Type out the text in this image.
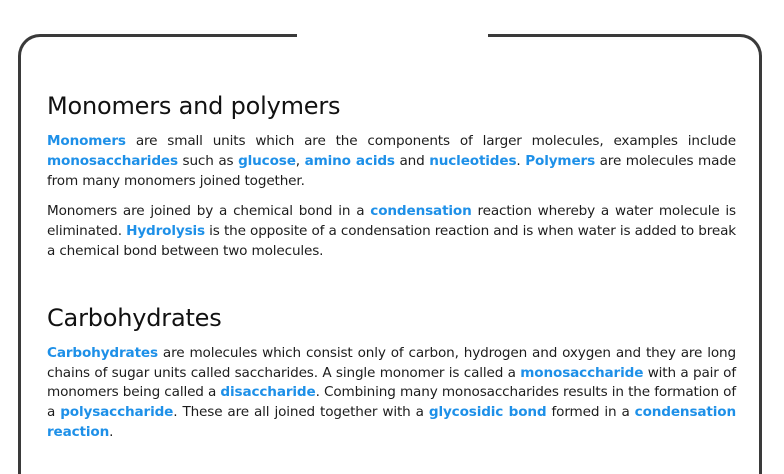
Monomers and polymers

Monomers are small units which are the components of larger molecules, examples include monosaccharides such as glucose, amino acids and nucleotides. Polymers are molecules made from many monomers joined together.

Monomers are joined by a chemical bond in a condensation reaction whereby a water molecule is eliminated. Hydrolysis is the opposite of a condensation reaction and is when water is added to break a chemical bond between two molecules.

Carbohydrates

Carbohydrates are molecules which consist only of carbon, hydrogen and oxygen and they are long chains of sugar units called saccharides. A single monomer is called a monosaccharide with a pair of monomers being called a disaccharide. Combining many monosaccharides results in the formation of a polysaccharide. These are all joined together with a glycosidic bond formed in a condensation reaction.
